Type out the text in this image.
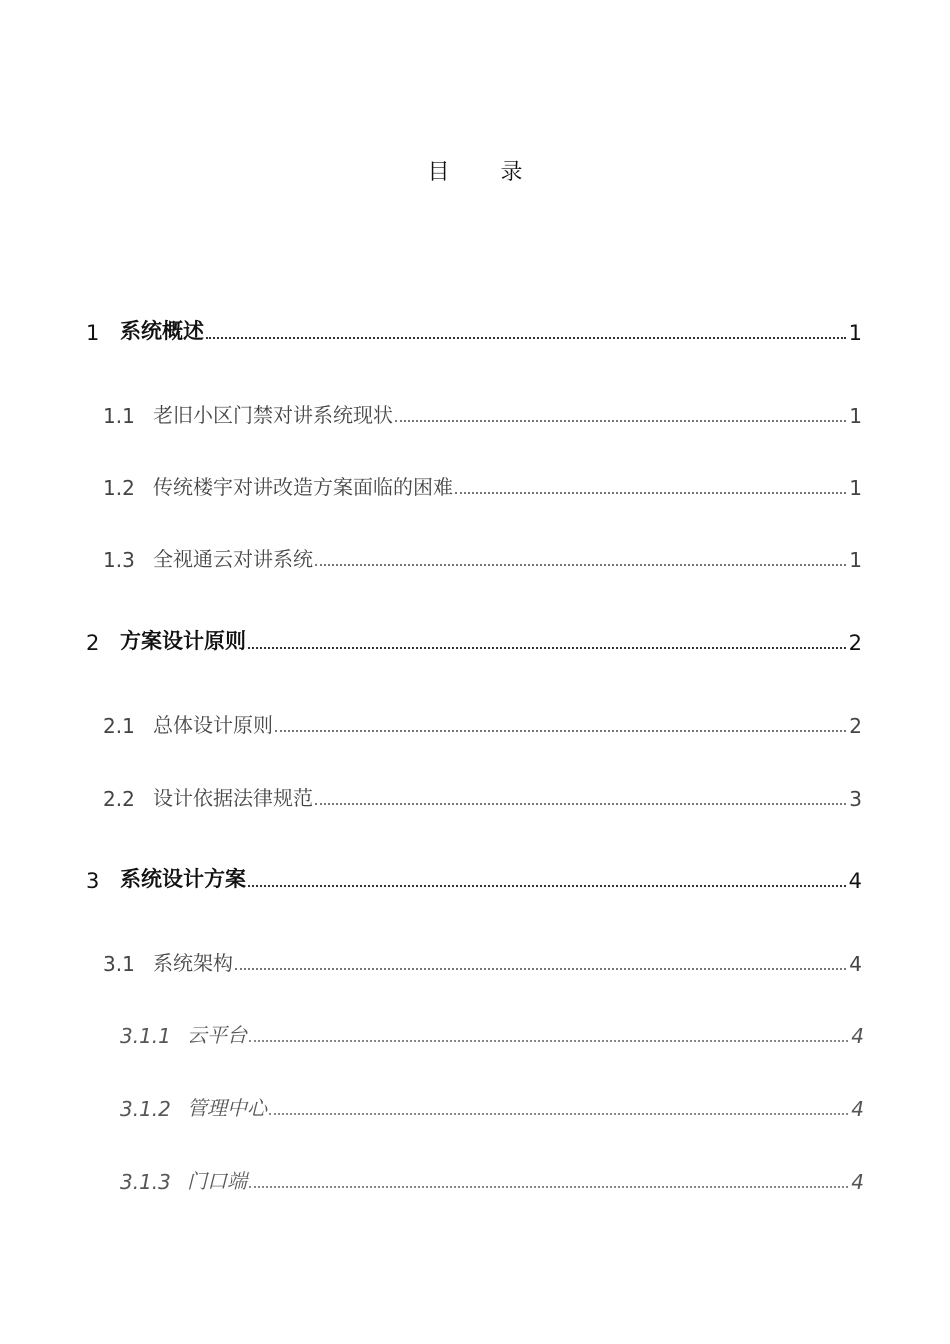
目 录
1 系统概述	1
1.1 老旧小区门禁对讲系统现状	1
1.2 传统楼宇对讲改造方案面临的困难	1
1.3 全视通云对讲系统	1
2 方案设计原则	2
2.1 总体设计原则	2
2.2 设计依据法律规范	3
3 系统设计方案	4
3.1 系统架构	4
3.1.1 云平台	4
3.1.2 管理中心	4
3.1.3 门口端	4
